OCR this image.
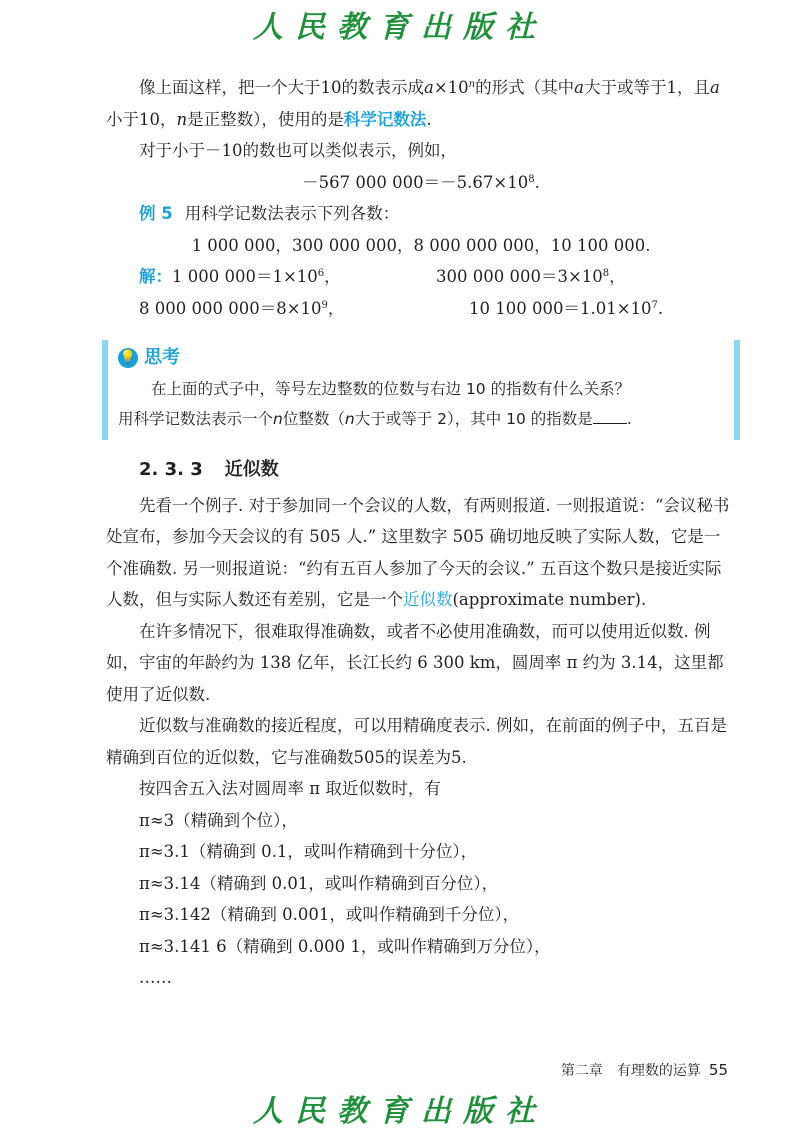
人民教育出版社

像上面这样，把一个大于10的数表示成$a\times 10^n$的形式（其中a大于或等于1，且a小于10，n是正整数），使用的是科学记数法.

对于小于－10的数也可以类似表示，例如，

－567 000 $000=-5.67\times 10^8$.

例 5 用科学记数法表示下列各数：

1 000 000，300 000 000，8 000 000 000，10 100 000.

解：1 000 $000=1\times 10^6$，	300 000 $000=3\times 10^8$，
8 000 000 $000=8\times 10^9$，	10 100 $000=1.01\times 10^7$.
💡 思考

在上面的式子中，等号左边整数的位数与右边 10 的指数有什么关系？

用科学记数法表示一个n位整数（n大于或等于 2），其中 10 的指数是 .

2. 3. 3 近似数

先看一个例子. 对于参加同一个会议的人数，有两则报道. 一则报道说：“会议秘书处宣布，参加今天会议的有 505 人.” 这里数字 505 确切地反映了实际人数，它是一个准确数. 另一则报道说：“约有五百人参加了今天的会议.” 五百这个数只是接近实际人数，但与实际人数还有差别，它是一个近似数(approximate number).

在许多情况下，很难取得准确数，或者不必使用准确数，而可以使用近似数. 例如，宇宙的年龄约为 138 亿年，长江长约 6 300 km，圆周率 π 约为 3.14，这里都使用了近似数.

近似数与准确数的接近程度，可以用精确度表示. 例如，在前面的例子中，五百是精确到百位的近似数，它与准确数505的误差为5.

按四舍五入法对圆周率 π 取近似数时，有

π≈3（精确到个位），

π≈3.1（精确到 0.1，或叫作精确到十分位），

π≈3.14（精确到 0.01，或叫作精确到百分位），

π≈3.142（精确到 0.001，或叫作精确到千分位），

π≈3.141 6（精确到 0.000 1，或叫作精确到万分位），

……

第二章　有理数的运算 55
人民教育出版社
